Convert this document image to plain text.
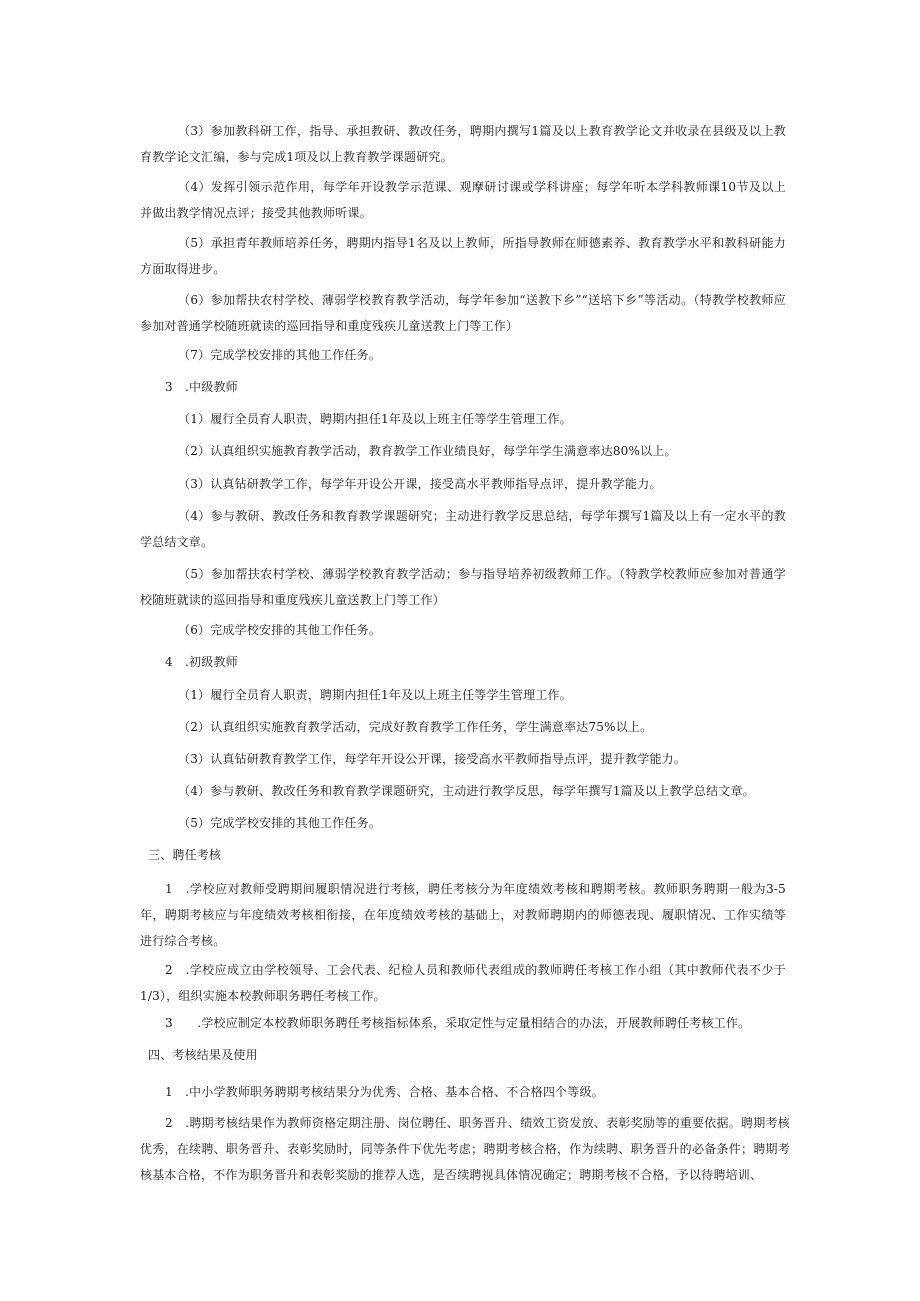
（3）参加教科研工作，指导、承担教研、教改任务，聘期内撰写1篇及以上教育教学论文并收录在县级及以上教育教学论文汇编，参与完成1项及以上教育教学课题研究。

（4）发挥引领示范作用，每学年开设教学示范课、观摩研讨课或学科讲座；每学年听本学科教师课10节及以上并做出教学情况点评；接受其他教师听课。

（5）承担青年教师培养任务，聘期内指导1名及以上教师，所指导教师在师德素养、教育教学水平和教科研能力方面取得进步。

（6）参加帮扶农村学校、薄弱学校教育教学活动，每学年参加“送教下乡”“送培下乡”等活动。（特教学校教师应参加对普通学校随班就读的巡回指导和重度残疾儿童送教上门等工作）

（7）完成学校安排的其他工作任务。

3　.中级教师

（1）履行全员育人职责，聘期内担任1年及以上班主任等学生管理工作。

（2）认真组织实施教育教学活动，教育教学工作业绩良好，每学年学生满意率达80%以上。

（3）认真钻研教学工作，每学年开设公开课，接受高水平教师指导点评，提升教学能力。

（4）参与教研、教改任务和教育教学课题研究；主动进行教学反思总结，每学年撰写1篇及以上有一定水平的教学总结文章。

（5）参加帮扶农村学校、薄弱学校教育教学活动；参与指导培养初级教师工作。（特教学校教师应参加对普通学校随班就读的巡回指导和重度残疾儿童送教上门等工作）

（6）完成学校安排的其他工作任务。

4　.初级教师

（1）履行全员育人职责，聘期内担任1年及以上班主任等学生管理工作。

（2）认真组织实施教育教学活动，完成好教育教学工作任务，学生满意率达75%以上。

（3）认真钻研教育教学工作，每学年开设公开课，接受高水平教师指导点评，提升教学能力。

（4）参与教研、教改任务和教育教学课题研究，主动进行教学反思，每学年撰写1篇及以上教学总结文章。

（5）完成学校安排的其他工作任务。

三、聘任考核

1　.学校应对教师受聘期间履职情况进行考核，聘任考核分为年度绩效考核和聘期考核。教师职务聘期一般为3-5年，聘期考核应与年度绩效考核相衔接，在年度绩效考核的基础上，对教师聘期内的师德表现、履职情况、工作实绩等进行综合考核。

2　.学校应成立由学校领导、工会代表、纪检人员和教师代表组成的教师聘任考核工作小组（其中教师代表不少于1/3），组织实施本校教师职务聘任考核工作。

3　　.学校应制定本校教师职务聘任考核指标体系，采取定性与定量相结合的办法，开展教师聘任考核工作。

四、考核结果及使用

1　.中小学教师职务聘期考核结果分为优秀、合格、基本合格、不合格四个等级。

2　.聘期考核结果作为教师资格定期注册、岗位聘任、职务晋升、绩效工资发放、表彰奖励等的重要依据。聘期考核优秀，在续聘、职务晋升、表彰奖励时，同等条件下优先考虑；聘期考核合格，作为续聘、职务晋升的必备条件；聘期考核基本合格，不作为职务晋升和表彰奖励的推荐人选，是否续聘视具体情况确定；聘期考核不合格，予以待聘培训、
